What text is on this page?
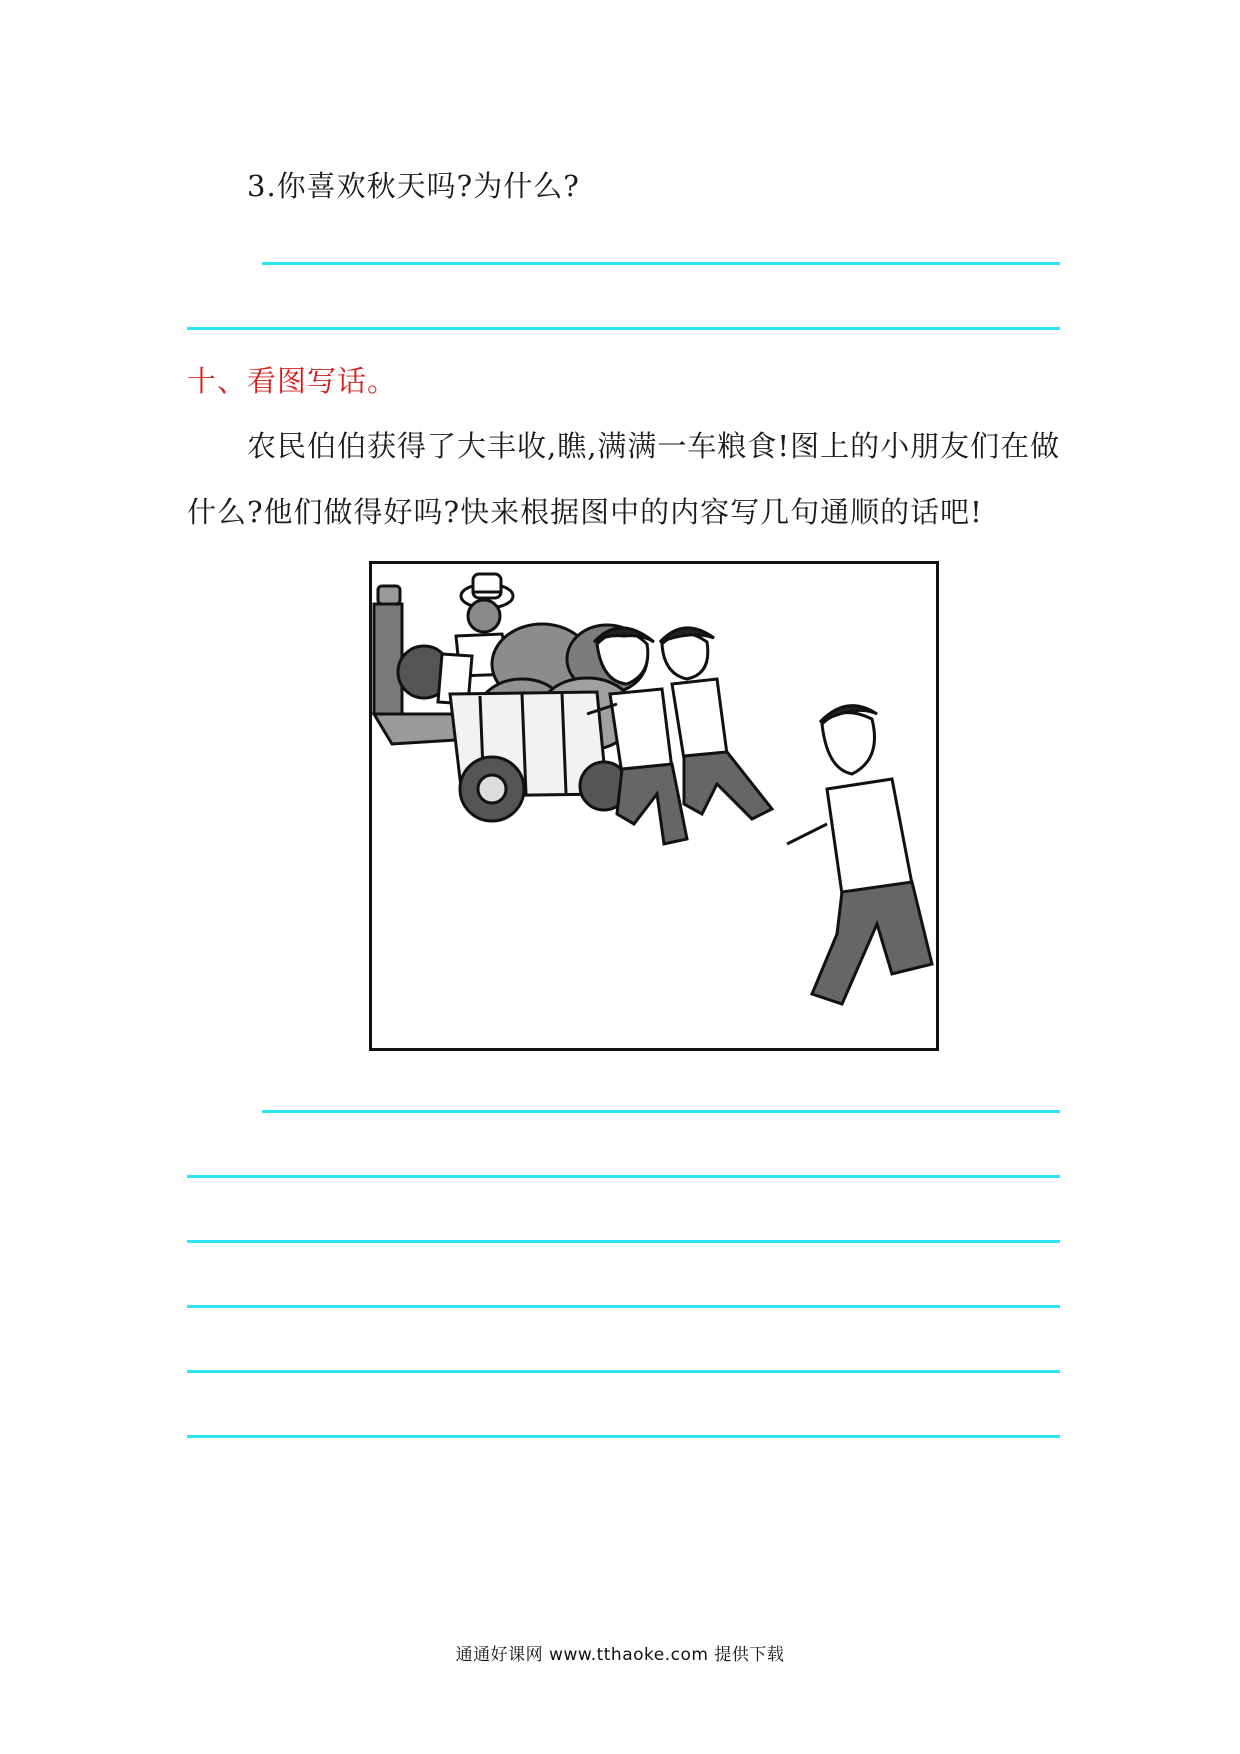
3.你喜欢秋天吗?为什么?
十、看图写话。
农民伯伯获得了大丰收,瞧,满满一车粮食!图上的小朋友们在做
什么?他们做得好吗?快来根据图中的内容写几句通顺的话吧!
通通好课网 www.tthaoke.com 提供下载
